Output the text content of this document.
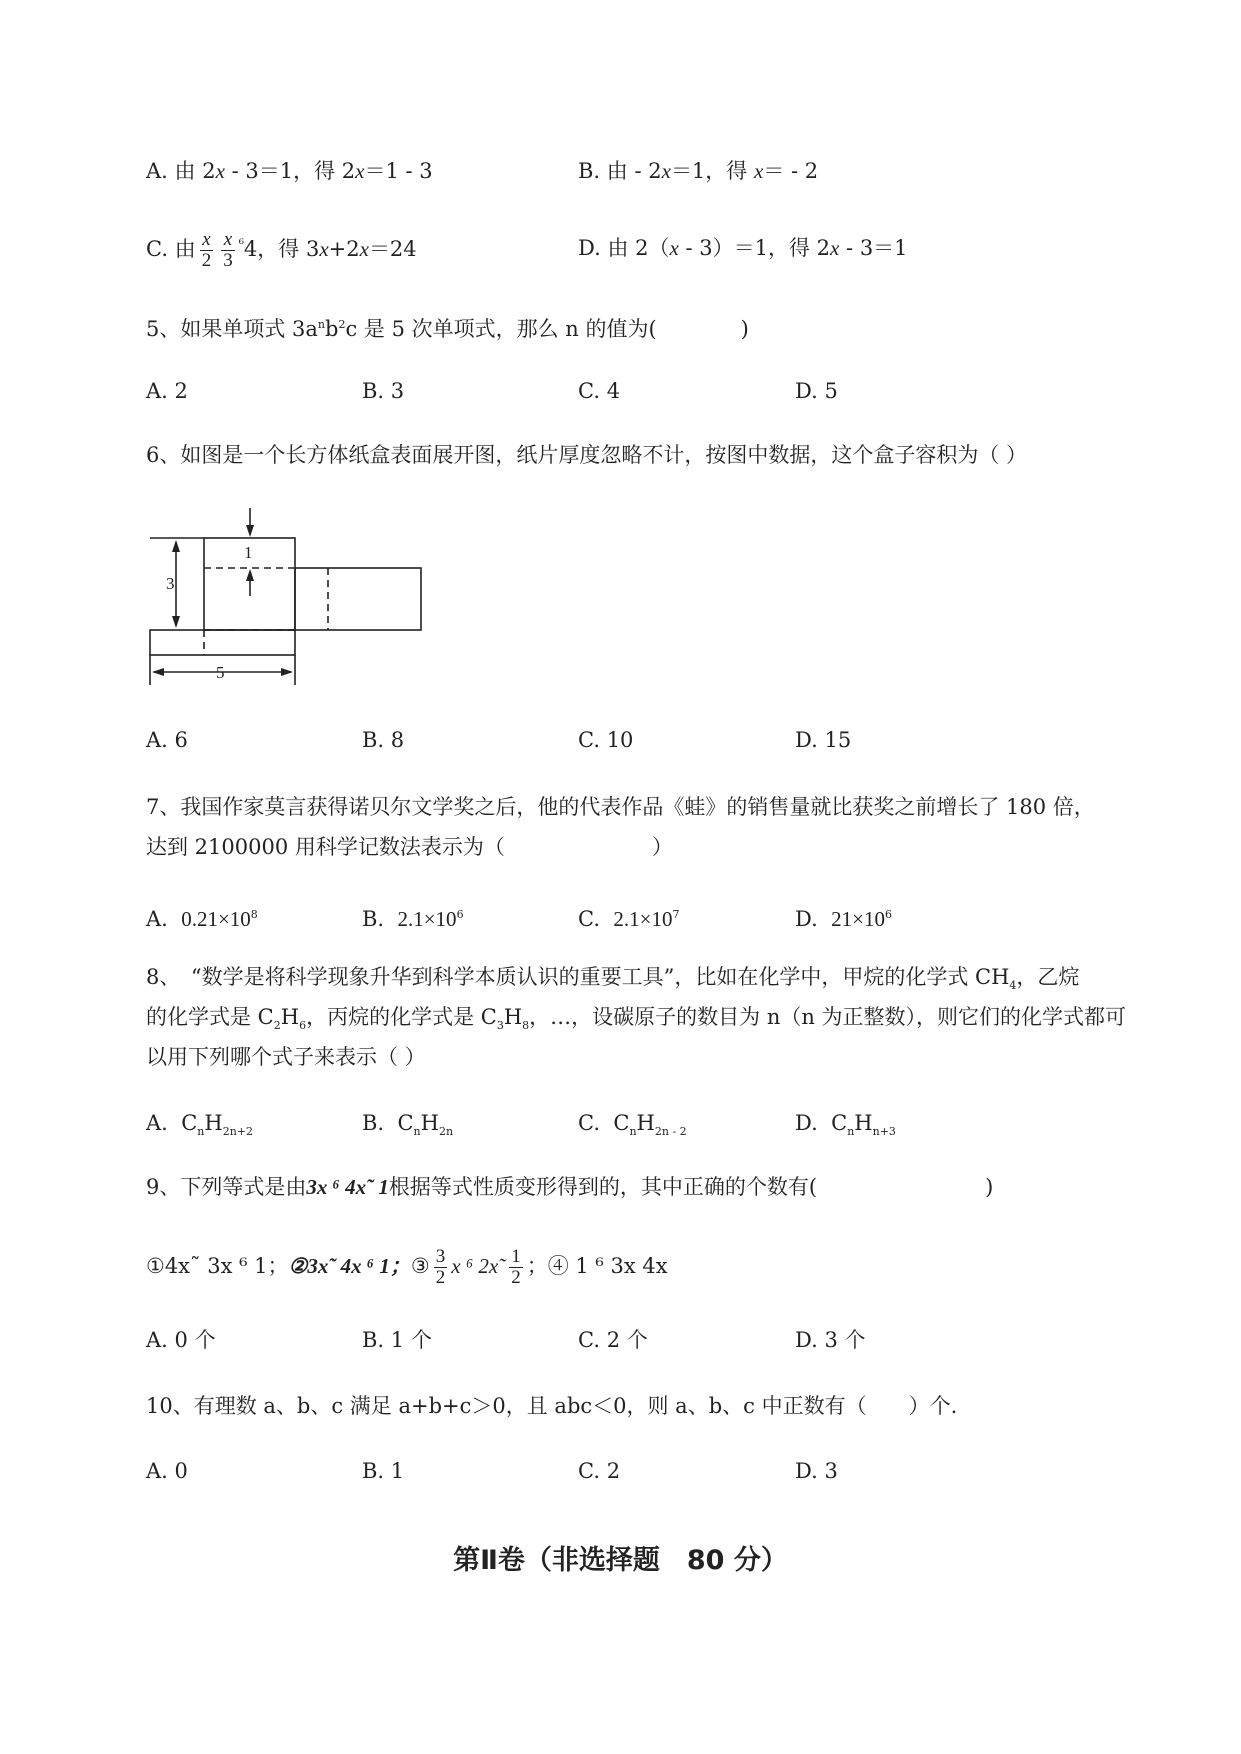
A. 由 2x - 3＝1，得 2x＝1 - 3	B. 由 - 2x＝1，得 x＝ - 2
C. 由 $\frac{x}{2} \frac{x}{3} ^{^6}4$，得 3x+2x＝24	D. 由 2（x - 3）＝1，得 2x - 3＝1
5、如果单项式 $3a^nb^2c$ 是 5 次单项式，那么 n 的值为(　　　　)
A. 2	B. 3	C. 4	D. 5
6、如图是一个长方体纸盒表面展开图，纸片厚度忽略不计，按图中数据，这个盒子容积为（ ）
1
3
5
A. 6	B. 8	C. 10	D. 15
7、我国作家莫言获得诺贝尔文学奖之后，他的代表作品《蛙》的销售量就比获奖之前增长了 180 倍，
达到 2100000 用科学记数法表示为（　　　　　　　）
A. $0.21\times 10^8$	B. $2.1\times 10^6$	C. $2.1\times 10^7$	D. $21\times 10^6$
8、　“数学是将科学现象升华到科学本质认识的重要工具”，比如在化学中，甲烷的化学式 $CH_4$，乙烷
的化学式是 $C_2H_6$，丙烷的化学式是 $C_3H_8$，…，设碳原子的数目为 n（n 为正整数），则它们的化学式都可
以用下列哪个式子来表示（ ）
A. $C_nH_{2n+2}$	B. $C_nH_{2n}$	C. $C_nH_{2n - 2}$	D. $C_nH_{n+3}$
9、下列等式是由3x ⁶ 4x˜ 1根据等式性质变形得到的，其中正确的个数有(　　　　　　　　)
①4x˜ 3x ⁶ 1；②3x˜ 4x ⁶ 1；③ $\frac{3}{2}$ x ⁶ 2x˜ $\frac{1}{2}$ ；④ 1 ⁶ 3x 4x
A. 0 个	B. 1 个	C. 2 个	D. 3 个
10、有理数 a、b、c 满足 a+b+c＞0，且 abc＜0，则 a、b、c 中正数有（　　）个.
A. 0	B. 1	C. 2	D. 3
第Ⅱ卷（非选择题　80 分）
